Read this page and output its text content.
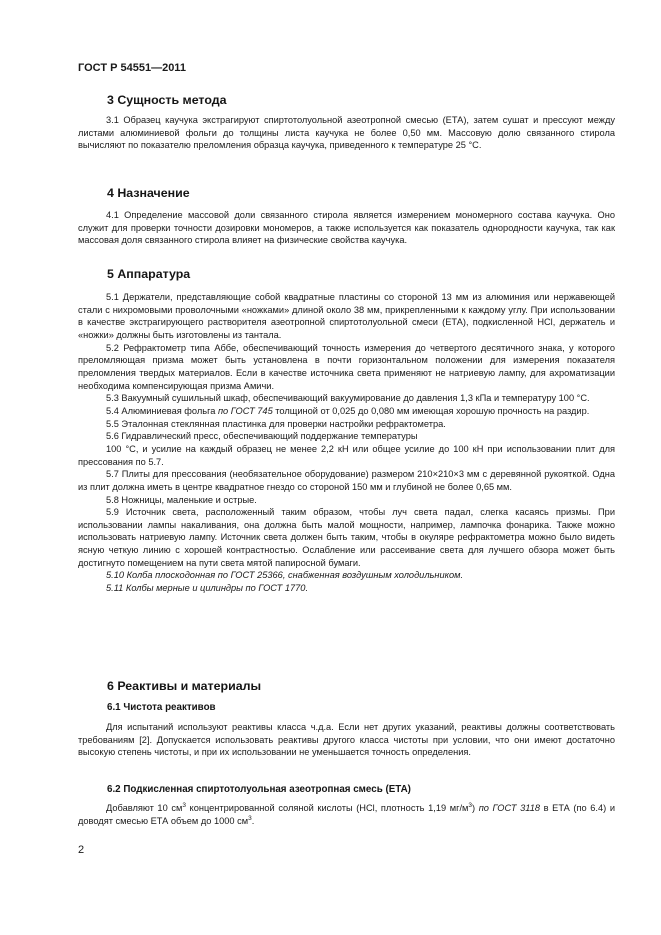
ГОСТ Р 54551—2011

3 Сущность метода

3.1 Образец каучука экстрагируют спиртотолуольной азеотропной смесью (ЕТА), затем сушат и прессуют между листами алюминиевой фольги до толщины листа каучука не более 0,50 мм. Массовую долю связанного стирола вычисляют по показателю преломления образца каучука, приведенного к температуре 25 °С.

4 Назначение

4.1 Определение массовой доли связанного стирола является измерением мономерного состава каучука. Оно служит для проверки точности дозировки мономеров, а также используется как показатель однородности каучука, так как массовая доля связанного стирола влияет на физические свойства каучука.

5 Аппаратура

5.1 Держатели, представляющие собой квадратные пластины со стороной 13 мм из алюминия или нержавеющей стали с нихромовыми проволочными «ножками» длиной около 38 мм, прикрепленными к каждому углу. При использовании в качестве экстрагирующего растворителя азеотропной спиртотолуольной смеси (ЕТА), подкисленной HCl, держатель и «ножки» должны быть изготовлены из тантала.

5.2 Рефрактометр типа Аббе, обеспечивающий точность измерения до четвертого десятичного знака, у которого преломляющая призма может быть установлена в почти горизонтальном положении для измерения показателя преломления твердых материалов. Если в качестве источника света применяют не натриевую лампу, для ахроматизации необходима компенсирующая призма Амичи.

5.3 Вакуумный сушильный шкаф, обеспечивающий вакуумирование до давления 1,3 кПа и температуру 100 °С.

5.4 Алюминиевая фольга по ГОСТ 745 толщиной от 0,025 до 0,080 мм имеющая хорошую прочность на раздир.

5.5 Эталонная стеклянная пластинка для проверки настройки рефрактометра.

5.6 Гидравлический пресс, обеспечивающий поддержание температуры

100 °С, и усилие на каждый образец не менее 2,2 кН или общее усилие до 100 кН при использовании плит для прессования по 5.7.

5.7 Плиты для прессования (необязательное оборудование) размером 210×210×3 мм с деревянной рукояткой. Одна из плит должна иметь в центре квадратное гнездо со стороной 150 мм и глубиной не более 0,65 мм.

5.8 Ножницы, маленькие и острые.

5.9 Источник света, расположенный таким образом, чтобы луч света падал, слегка касаясь призмы. При использовании лампы накаливания, она должна быть малой мощности, например, лампочка фонарика. Также можно использовать натриевую лампу. Источник света должен быть таким, чтобы в окуляре рефрактометра можно было видеть ясную четкую линию с хорошей контрастностью. Ослабление или рассеивание света для лучшего обзора может быть достигнуто помещением на пути света мятой папиросной бумаги.

5.10 Колба плоскодонная по ГОСТ 25366, снабженная воздушным холодильником.

5.11 Колбы мерные и цилиндры по ГОСТ 1770.

6 Реактивы и материалы
6.1 Чистота реактивов

Для испытаний используют реактивы класса ч.д.а. Если нет других указаний, реактивы должны соответствовать требованиям [2]. Допускается использовать реактивы другого класса чистоты при условии, что они имеют достаточно высокую степень чистоты, и при их использовании не уменьшается точность определения.

6.2 Подкисленная спиртотолуольная азеотропная смесь (ЕТА)

Добавляют 10 $см^3$ концентрированной соляной кислоты (HCl, плотность 1,19 $мг/м^3$) по ГОСТ 3118 в ЕТА (по 6.4) и доводят смесью ЕТА объем до 1000 $см^3$.

2
